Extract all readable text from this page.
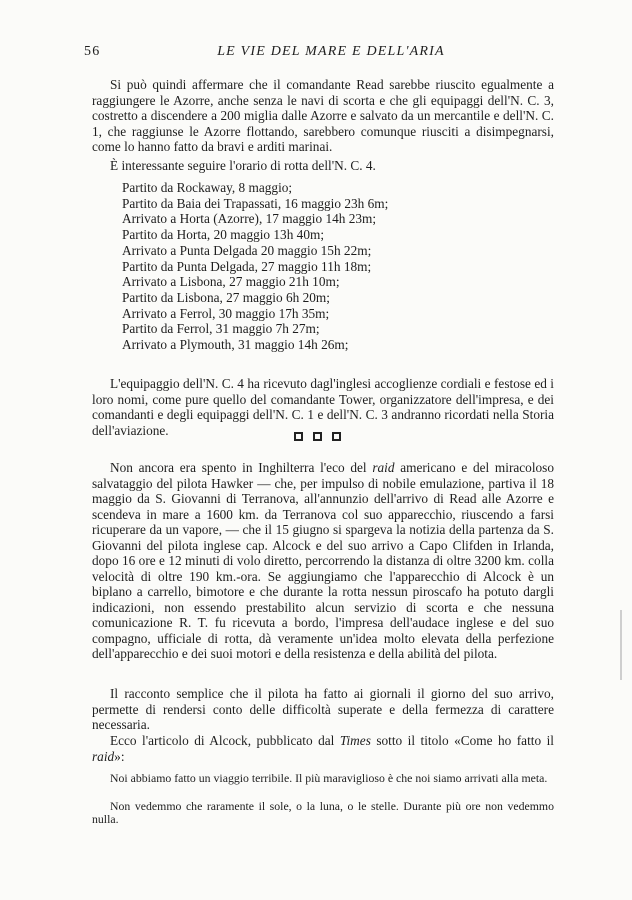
56	LE VIE DEL MARE E DELL'ARIA

Si può quindi affermare che il comandante Read sarebbe riuscito egualmente a raggiungere le Azorre, anche senza le navi di scorta e che gli equipaggi dell'N. C. 3, costretto a discendere a 200 miglia dalle Azorre e salvato da un mercantile e dell'N. C. 1, che raggiunse le Azorre flottando, sarebbero comunque riusciti a disimpegnarsi, come lo hanno fatto da bravi e arditi marinai.

È interessante seguire l'orario di rotta dell'N. C. 4.

Partito da Rockaway, 8 maggio;
Partito da Baia dei Trapassati, 16 maggio 23h 6m;
Arrivato a Horta (Azorre), 17 maggio 14h 23m;
Partito da Horta, 20 maggio 13h 40m;
Arrivato a Punta Delgada 20 maggio 15h 22m;
Partito da Punta Delgada, 27 maggio 11h 18m;
Arrivato a Lisbona, 27 maggio 21h 10m;
Partito da Lisbona, 27 maggio 6h 20m;
Arrivato a Ferrol, 30 maggio 17h 35m;
Partito da Ferrol, 31 maggio 7h 27m;
Arrivato a Plymouth, 31 maggio 14h 26m;

L'equipaggio dell'N. C. 4 ha ricevuto dagl'inglesi accoglienze cordiali e festose ed i loro nomi, come pure quello del comandante Tower, organizzatore dell'impresa, e dei comandanti e degli equipaggi dell'N. C. 1 e dell'N. C. 3 andranno ricordati nella Storia dell'aviazione.

Non ancora era spento in Inghilterra l'eco del raid americano e del miracoloso salvataggio del pilota Hawker — che, per impulso di nobile emulazione, partiva il 18 maggio da S. Giovanni di Terranova, all'annunzio dell'arrivo di Read alle Azorre e scendeva in mare a 1600 km. da Terranova col suo apparecchio, riuscendo a farsi ricuperare da un vapore, — che il 15 giugno si spargeva la notizia della partenza da S. Giovanni del pilota inglese cap. Alcock e del suo arrivo a Capo Clifden in Irlanda, dopo 16 ore e 12 minuti di volo diretto, percorrendo la distanza di oltre 3200 km. colla velocità di oltre 190 km.-ora. Se aggiungiamo che l'apparecchio di Alcock è un biplano a carrello, bimotore e che durante la rotta nessun piroscafo ha potuto dargli indicazioni, non essendo prestabilito alcun servizio di scorta e che nessuna comunicazione R. T. fu ricevuta a bordo, l'impresa dell'audace inglese e del suo compagno, ufficiale di rotta, dà veramente un'idea molto elevata della perfezione dell'apparecchio e dei suoi motori e della resistenza e della abilità del pilota.

Il racconto semplice che il pilota ha fatto ai giornali il giorno del suo arrivo, permette di rendersi conto delle difficoltà superate e della fermezza di carattere necessaria.

Ecco l'articolo di Alcock, pubblicato dal Times sotto il titolo «Come ho fatto il raid»:

Noi abbiamo fatto un viaggio terribile. Il più maraviglioso è che noi siamo arrivati alla meta.

Non vedemmo che raramente il sole, o la luna, o le stelle. Durante più ore non vedemmo nulla.
